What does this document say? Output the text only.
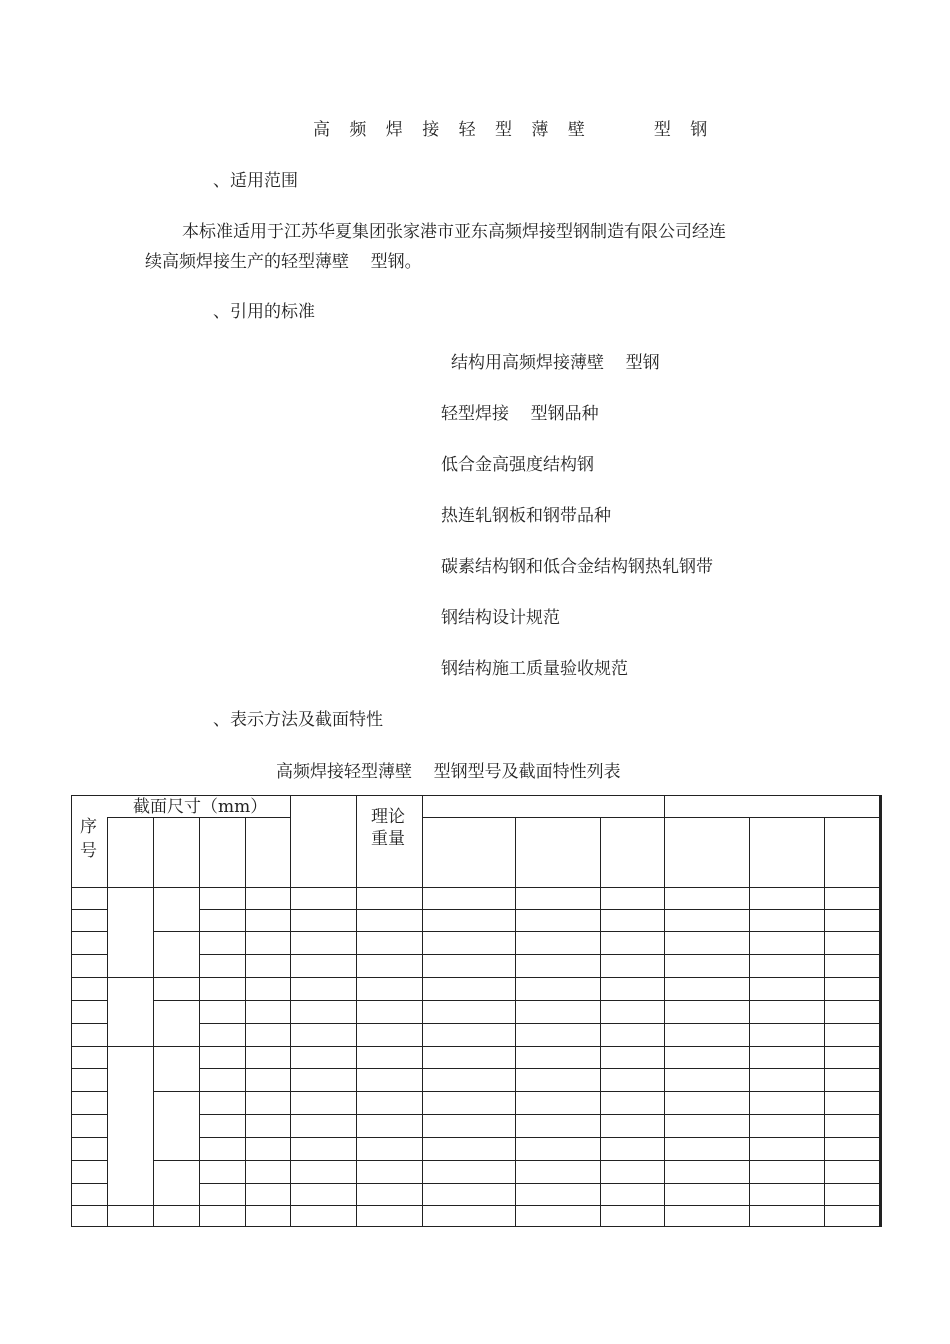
高 频 焊 接 轻 型 薄 壁     型 钢
、适用范围
本标准适用于江苏华夏集团张家港市亚东高频焊接型钢制造有限公司经连
续高频焊接生产的轻型薄壁    型钢。
、引用的标准
结构用高频焊接薄壁    型钢
轻型焊接    型钢品种
低合金高强度结构钢
热连轧钢板和钢带品种
碳素结构钢和低合金结构钢热轧钢带
钢结构设计规范
钢结构施工质量验收规范
、表示方法及截面特性
高频焊接轻型薄壁    型钢型号及截面特性列表
序
号
截面尺寸（mm）	理论
重量
